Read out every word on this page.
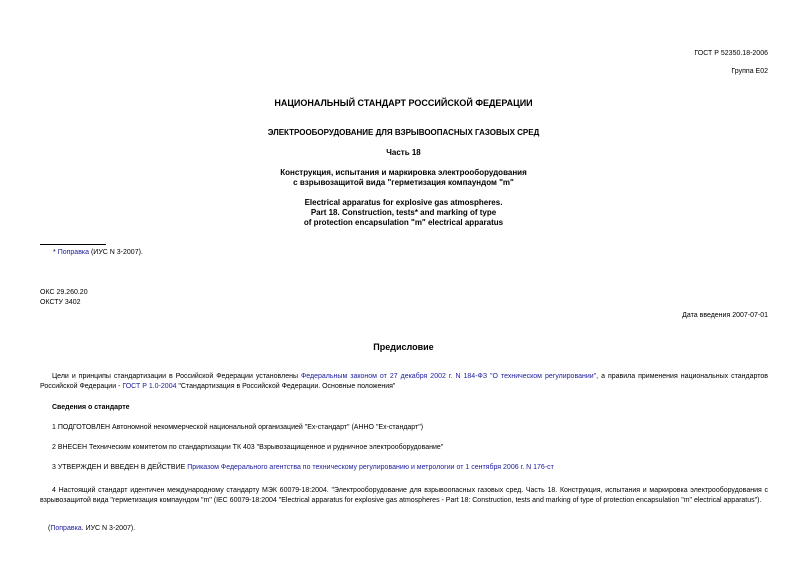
ГОСТ Р 52350.18-2006
Группа Е02
НАЦИОНАЛЬНЫЙ СТАНДАРТ РОССИЙСКОЙ ФЕДЕРАЦИИ
ЭЛЕКТРООБОРУДОВАНИЕ ДЛЯ ВЗРЫВООПАСНЫХ ГАЗОВЫХ СРЕД
Часть 18
Конструкция, испытания и маркировка электрооборудования
с взрывозащитой вида "герметизация компаундом "m"
Electrical apparatus for explosive gas atmospheres.
Part 18. Construction, tests* and marking of type
of protection encapsulation "m" electrical apparatus
* Поправка (ИУС N 3-2007).
ОКС 29.260.20
ОКСТУ 3402
Дата введения 2007-07-01
Предисловие
Цели и принципы стандартизации в Российской Федерации установлены Федеральным законом от 27 декабря 2002 г. N 184-ФЗ "О техническом регулировании", а правила применения национальных стандартов Российской Федерации - ГОСТ Р 1.0-2004 "Стандартизация в Российской Федерации. Основные положения"
Сведения о стандарте
1 ПОДГОТОВЛЕН Автономной некоммерческой национальной организацией "Ех-стандарт" (АННО "Ех-стандарт")
2 ВНЕСЕН Техническим комитетом по стандартизации ТК 403 "Взрывозащищенное и рудничное электрооборудование"
3 УТВЕРЖДЕН И ВВЕДЕН В ДЕЙСТВИЕ Приказом Федерального агентства по техническому регулированию и метрологии от 1 сентября 2006 г. N 176-ст
4 Настоящий стандарт идентичен международному стандарту МЭК 60079-18:2004. "Электрооборудование для взрывоопасных газовых сред. Часть 18. Конструкция, испытания и маркировка электрооборудования с взрывозащитой вида "герметизация компаундом "m" (IEC 60079-18:2004 "Electrical apparatus for explosive gas atmospheres - Part 18: Construction, tests and marking of type of protection encapsulation "m" electrical apparatus").
(Поправка. ИУС N 3-2007).
